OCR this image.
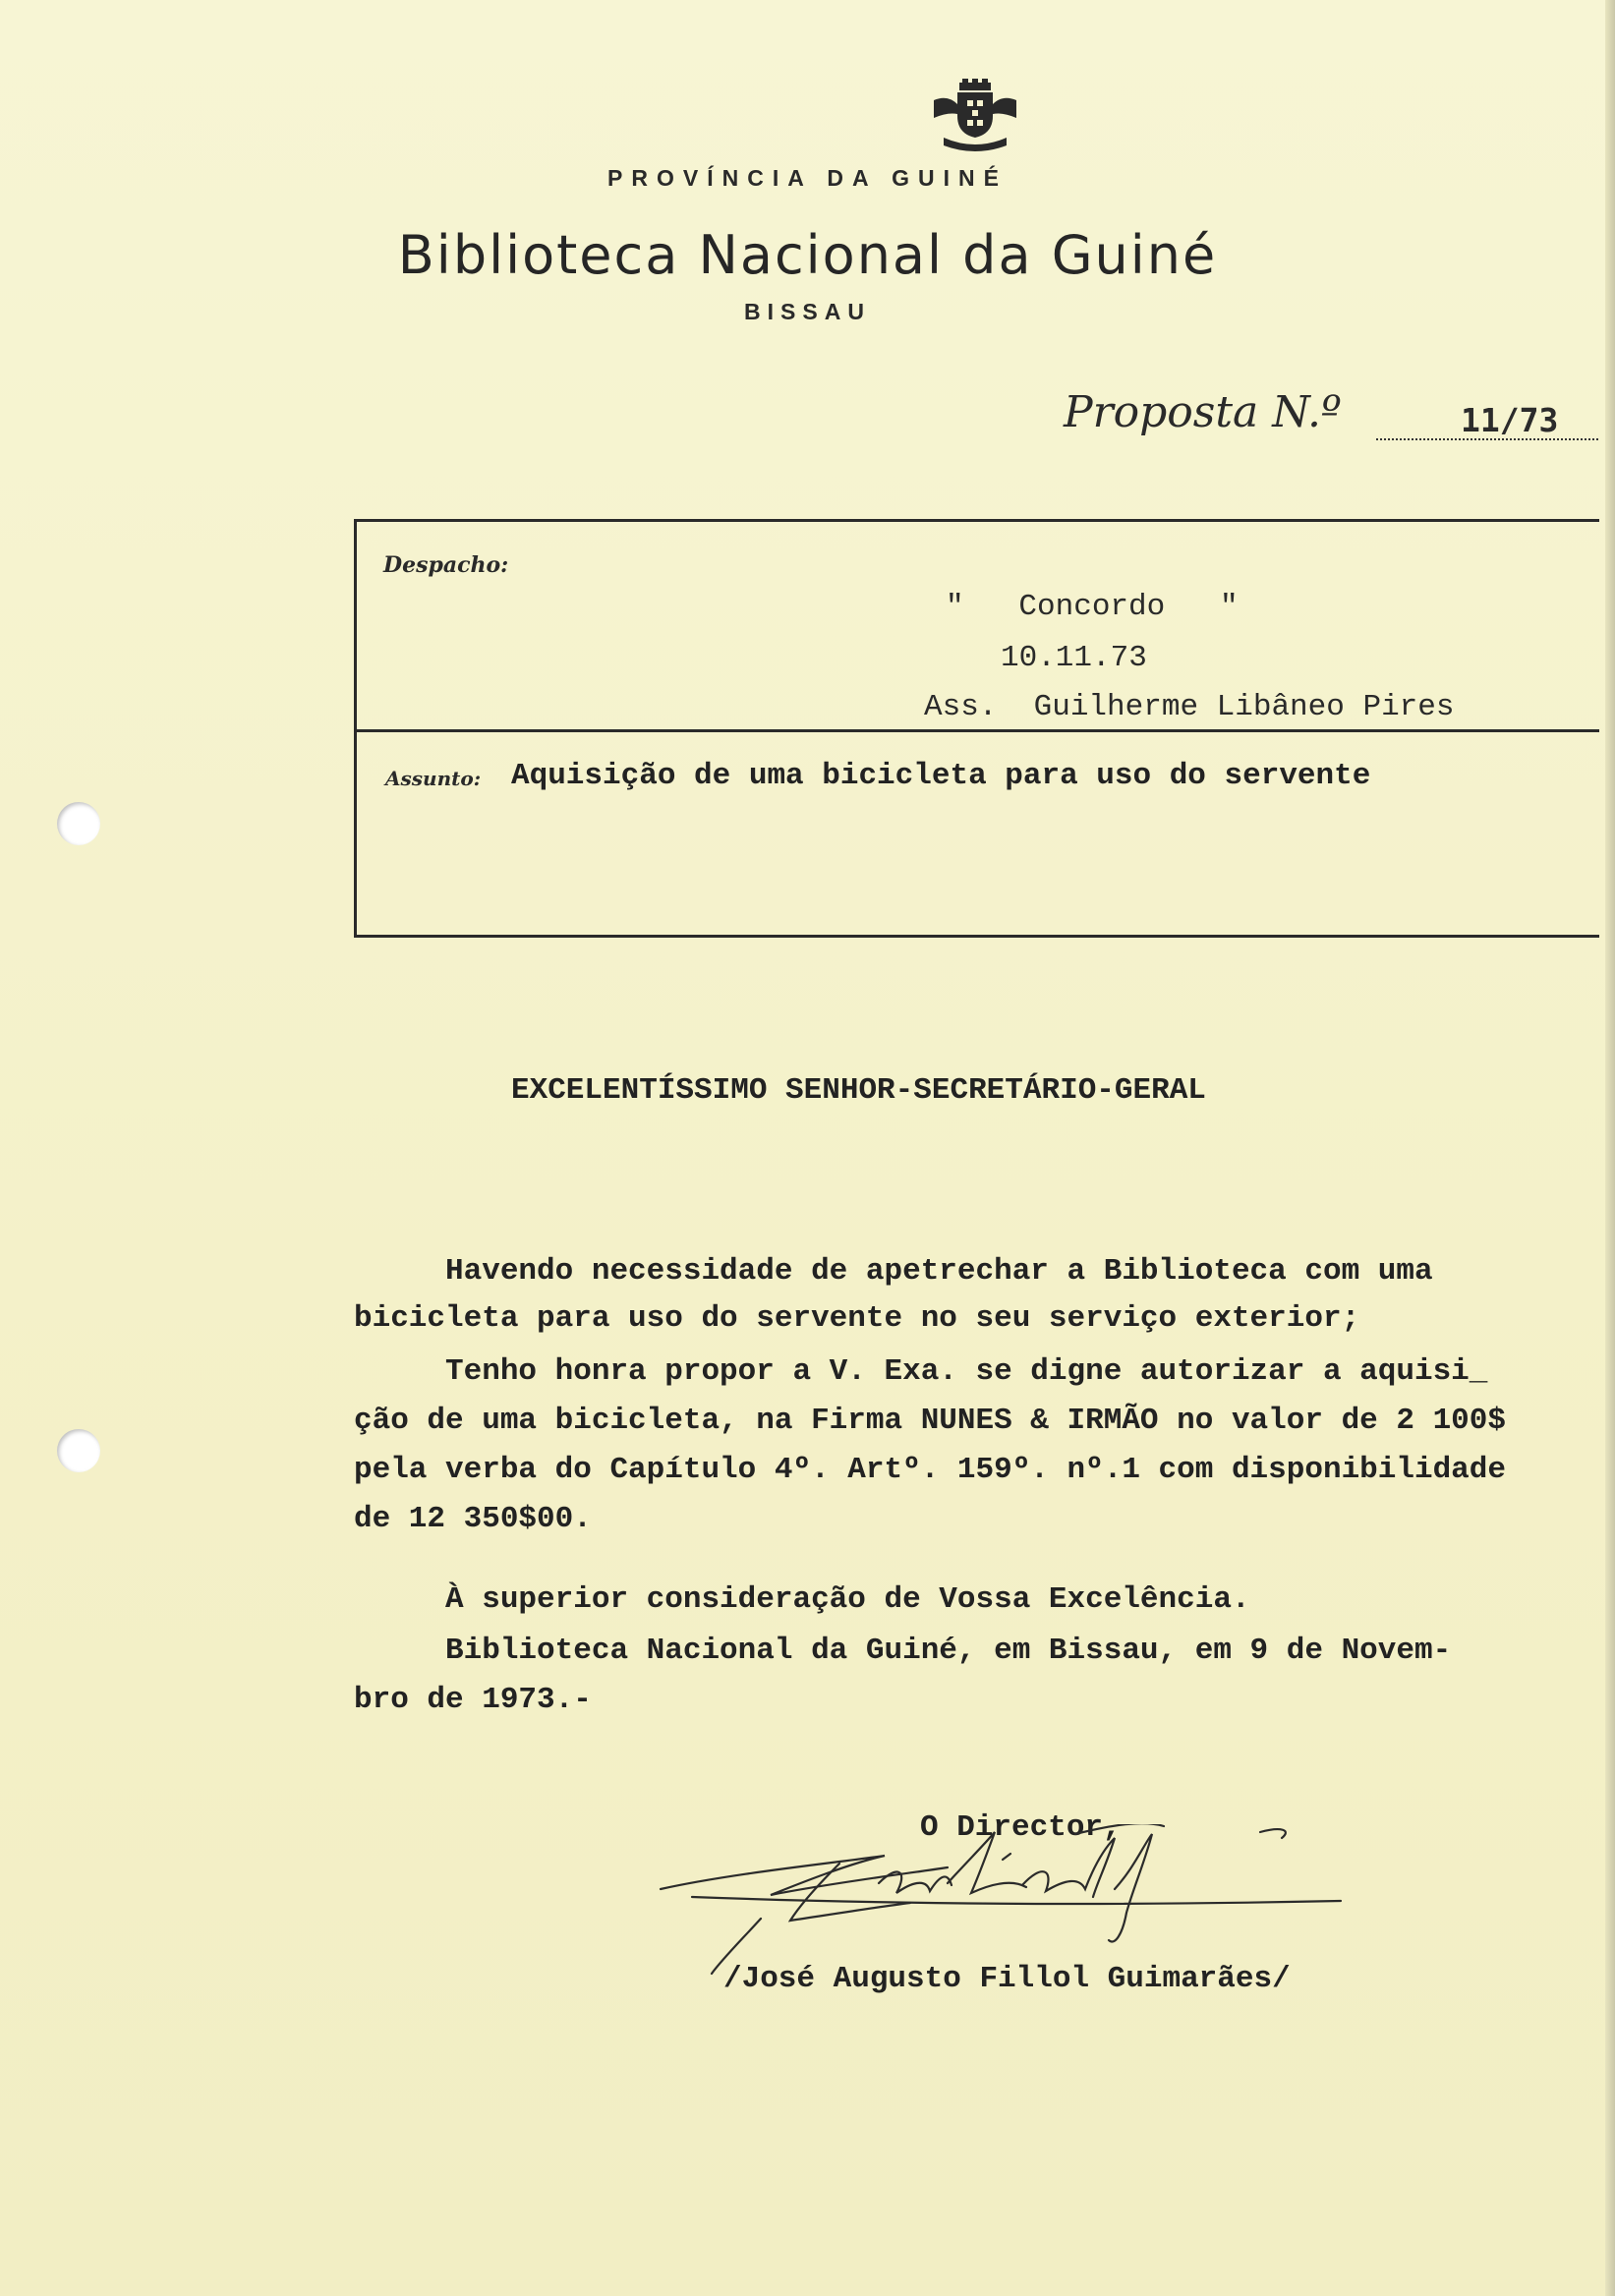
PROVÍNCIA DA GUINÉ
Biblioteca Nacional da Guiné
BISSAU
Proposta N.º	11/73
Despacho:
"   Concordo   "
10.11.73
Ass.  Guilherme Libâneo Pires
Assunto: Aquisição de uma bicicleta para uso do servente
EXCELENTÍSSIMO SENHOR-SECRETÁRIO-GERAL
Havendo necessidade de apetrechar a Biblioteca com uma
bicicleta para uso do servente no seu serviço exterior;
Tenho honra propor a V. Exa. se digne autorizar a aquisi_
ção de uma bicicleta, na Firma NUNES & IRMÃO no valor de 2 100$
pela verba do Capítulo 4º. Artº. 159º. nº.1 com disponibilidade
de 12 350$00.
À superior consideração de Vossa Excelência.
Biblioteca Nacional da Guiné, em Bissau, em 9 de Novem-
bro de 1973.-
O Director,
/José Augusto Fillol Guimarães/
